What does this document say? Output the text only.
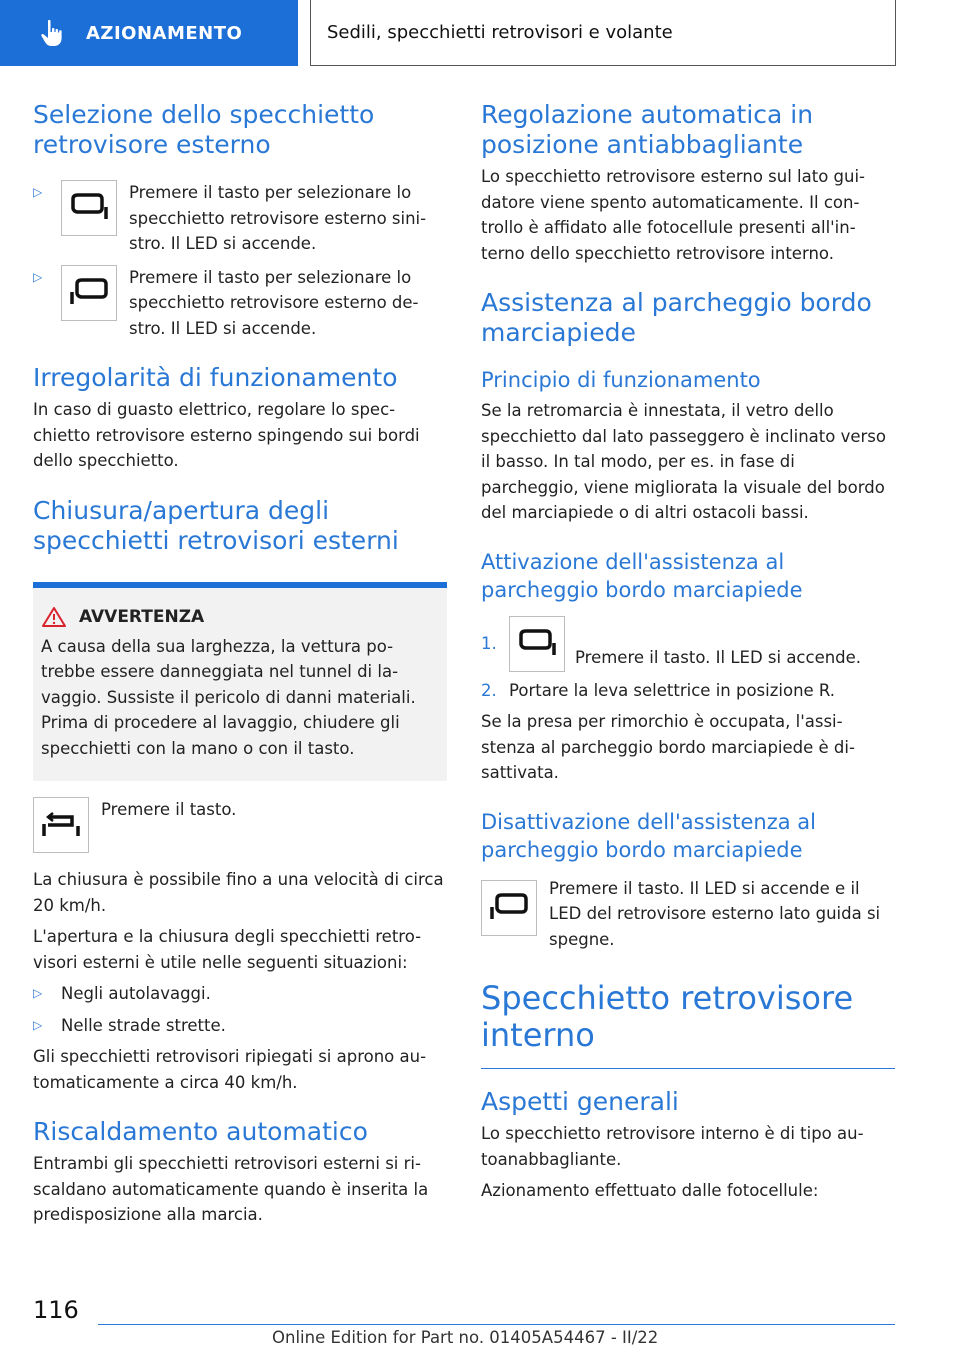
AZIONAMENTO	Sedili, specchietti retrovisori e volante
Selezione dello specchietto retrovisore esterno
▷	Premere il tasto per selezionare lo specchietto retrovisore esterno sini-stro. Il LED si accende.
▷	Premere il tasto per selezionare lo specchietto retrovisore esterno de-stro. Il LED si accende.
Irregolarità di funzionamento

In caso di guasto elettrico, regolare lo spec-chietto retrovisore esterno spingendo sui bordi dello specchietto.

Chiusura/apertura degli specchietti retrovisori esterni
AVVERTENZA

A causa della sua larghezza, la vettura po-trebbe essere danneggiata nel tunnel di la-vaggio. Sussiste il pericolo di danni materiali. Prima di procedere al lavaggio, chiudere gli specchietti con la mano o con il tasto.

Premere il tasto.

La chiusura è possibile fino a una velocità di circa 20 km/h.

L'apertura e la chiusura degli specchietti retro-visori esterni è utile nelle seguenti situazioni:

▷	Negli autolavaggi.
▷	Nelle strade strette.

Gli specchietti retrovisori ripiegati si aprono au-tomaticamente a circa 40 km/h.

Riscaldamento automatico

Entrambi gli specchietti retrovisori esterni si ri-scaldano automaticamente quando è inserita la predisposizione alla marcia.

Regolazione automatica in posizione antiabbagliante

Lo specchietto retrovisore esterno sul lato gui-datore viene spento automaticamente. Il con-trollo è affidato alle fotocellule presenti all'in-terno dello specchietto retrovisore interno.

Assistenza al parcheggio bordo marciapiede
Principio di funzionamento

Se la retromarcia è innestata, il vetro dello specchietto dal lato passeggero è inclinato verso il basso. In tal modo, per es. in fase di parcheggio, viene migliorata la visuale del bordo del marciapiede o di altri ostacoli bassi.

Attivazione dell'assistenza al parcheggio bordo marciapiede
1.
Premere il tasto. Il LED si accende.
2. Portare la leva selettrice in posizione R.

Se la presa per rimorchio è occupata, l'assi-stenza al parcheggio bordo marciapiede è di-sattivata.

Disattivazione dell'assistenza al parcheggio bordo marciapiede
Premere il tasto. Il LED si accende e il LED del retrovisore esterno lato guida si spegne.
Specchietto retrovisore interno
Aspetti generali

Lo specchietto retrovisore interno è di tipo au-toanabbagliante.

Azionamento effettuato dalle fotocellule:

116
Online Edition for Part no. 01405A54467 - II/22
